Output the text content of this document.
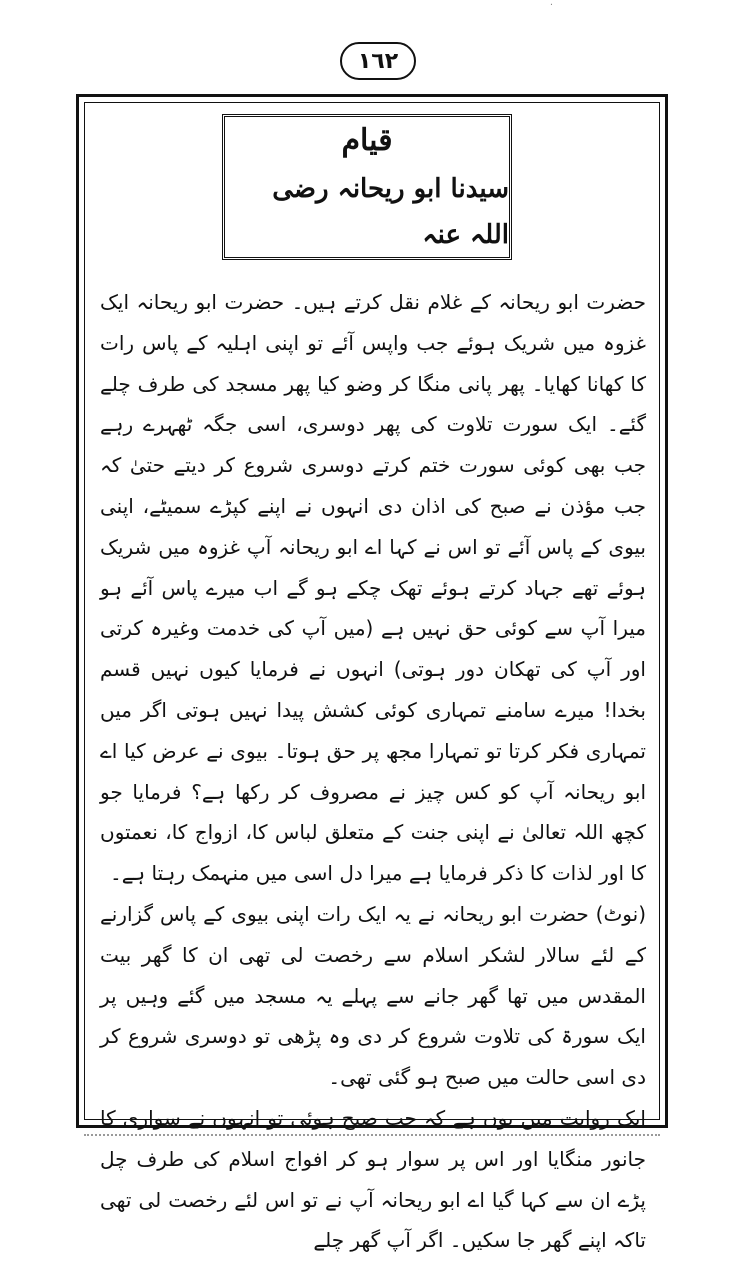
·
١٦٢
قیام
سیدنا ابو ریحانہ رضی اللہ عنہ

حضرت ابو ریحانہ کے غلام نقل کرتے ہیں۔ حضرت ابو ریحانہ ایک غزوہ میں شریک ہوئے جب واپس آئے تو اپنی اہلیہ کے پاس رات کا کھانا کھایا۔ پھر پانی منگا کر وضو کیا پھر مسجد کی طرف چلے گئے۔ ایک سورت تلاوت کی پھر دوسری، اسی جگہ ٹھہرے رہے جب بھی کوئی سورت ختم کرتے دوسری شروع کر دیتے حتیٰ کہ جب مؤذن نے صبح کی اذان دی انہوں نے اپنے کپڑے سمیٹے، اپنی بیوی کے پاس آئے تو اس نے کہا اے ابو ریحانہ آپ غزوہ میں شریک ہوئے تھے جہاد کرتے ہوئے تھک چکے ہو گے اب میرے پاس آئے ہو میرا آپ سے کوئی حق نہیں ہے (میں آپ کی خدمت وغیرہ کرتی اور آپ کی تھکان دور ہوتی) انہوں نے فرمایا کیوں نہیں قسم بخدا! میرے سامنے تمہاری کوئی کشش پیدا نہیں ہوتی اگر میں تمہاری فکر کرتا تو تمہارا مجھ پر حق ہوتا۔ بیوی نے عرض کیا اے ابو ریحانہ آپ کو کس چیز نے مصروف کر رکھا ہے؟ فرمایا جو کچھ اللہ تعالیٰ نے اپنی جنت کے متعلق لباس کا، ازواج کا، نعمتوں کا اور لذات کا ذکر فرمایا ہے میرا دل اسی میں منہمک رہتا ہے۔

(نوٹ) حضرت ابو ریحانہ نے یہ ایک رات اپنی بیوی کے پاس گزارنے کے لئے سالار لشکر اسلام سے رخصت لی تھی ان کا گھر بیت المقدس میں تھا گھر جانے سے پہلے یہ مسجد میں گئے وہیں پر ایک سورۃ کی تلاوت شروع کر دی وہ پڑھی تو دوسری شروع کر دی اسی حالت میں صبح ہو گئی تھی۔

ایک روایت میں یوں ہے کہ جب صبح ہوئی تو انہوں نے سواری کا جانور منگایا اور اس پر سوار ہو کر افواج اسلام کی طرف چل پڑے ان سے کہا گیا اے ابو ریحانہ آپ نے تو اس لئے رخصت لی تھی تاکہ اپنے گھر جا سکیں۔ اگر آپ گھر چلے
